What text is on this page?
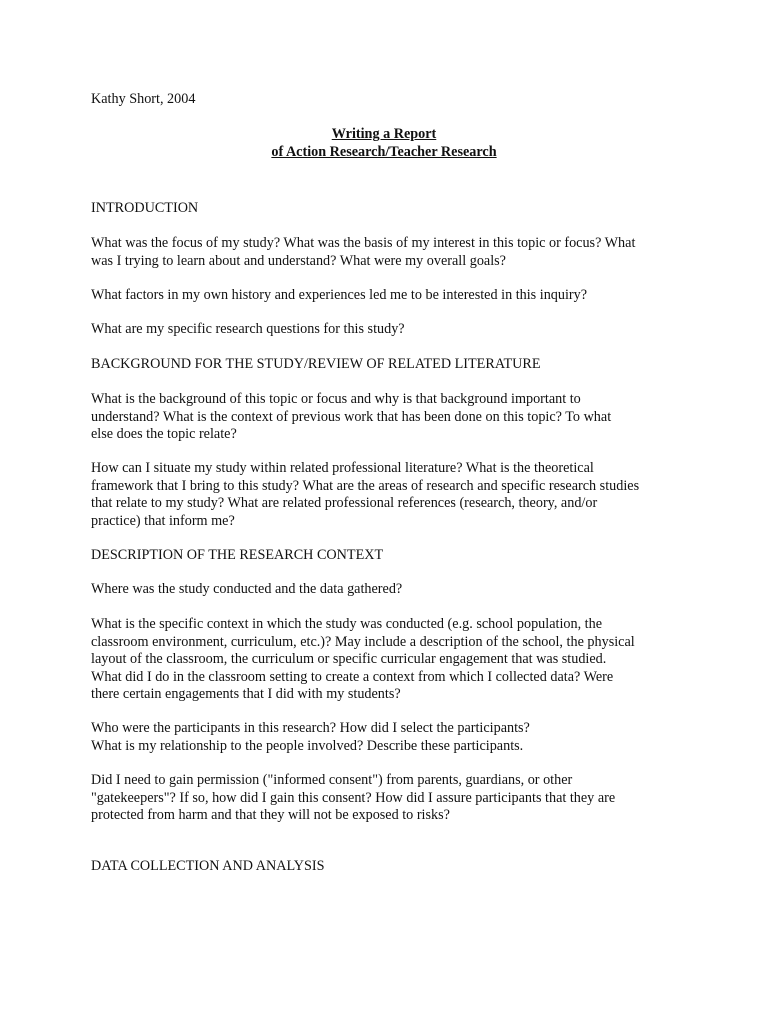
Kathy Short, 2004
Writing a Report
of Action Research/Teacher Research
INTRODUCTION
What was the focus of my study? What was the basis of my interest in this topic or focus? What
was I trying to learn about and understand? What were my overall goals?
What factors in my own history and experiences led me to be interested in this inquiry?
What are my specific research questions for this study?
BACKGROUND FOR THE STUDY/REVIEW OF RELATED LITERATURE
What is the background of this topic or focus and why is that background important to
understand? What is the context of previous work that has been done on this topic? To what
else does the topic relate?
How can I situate my study within related professional literature? What is the theoretical
framework that I bring to this study? What are the areas of research and specific research studies
that relate to my study? What are related professional references (research, theory, and/or
practice) that inform me?
DESCRIPTION OF THE RESEARCH CONTEXT
Where was the study conducted and the data gathered?
What is the specific context in which the study was conducted (e.g. school population, the
classroom environment, curriculum, etc.)? May include a description of the school, the physical
layout of the classroom, the curriculum or specific curricular engagement that was studied.
What did I do in the classroom setting to create a context from which I collected data? Were
there certain engagements that I did with my students?
Who were the participants in this research? How did I select the participants?
What is my relationship to the people involved? Describe these participants.
Did I need to gain permission ("informed consent") from parents, guardians, or other
"gatekeepers"? If so, how did I gain this consent? How did I assure participants that they are
protected from harm and that they will not be exposed to risks?
DATA COLLECTION AND ANALYSIS
